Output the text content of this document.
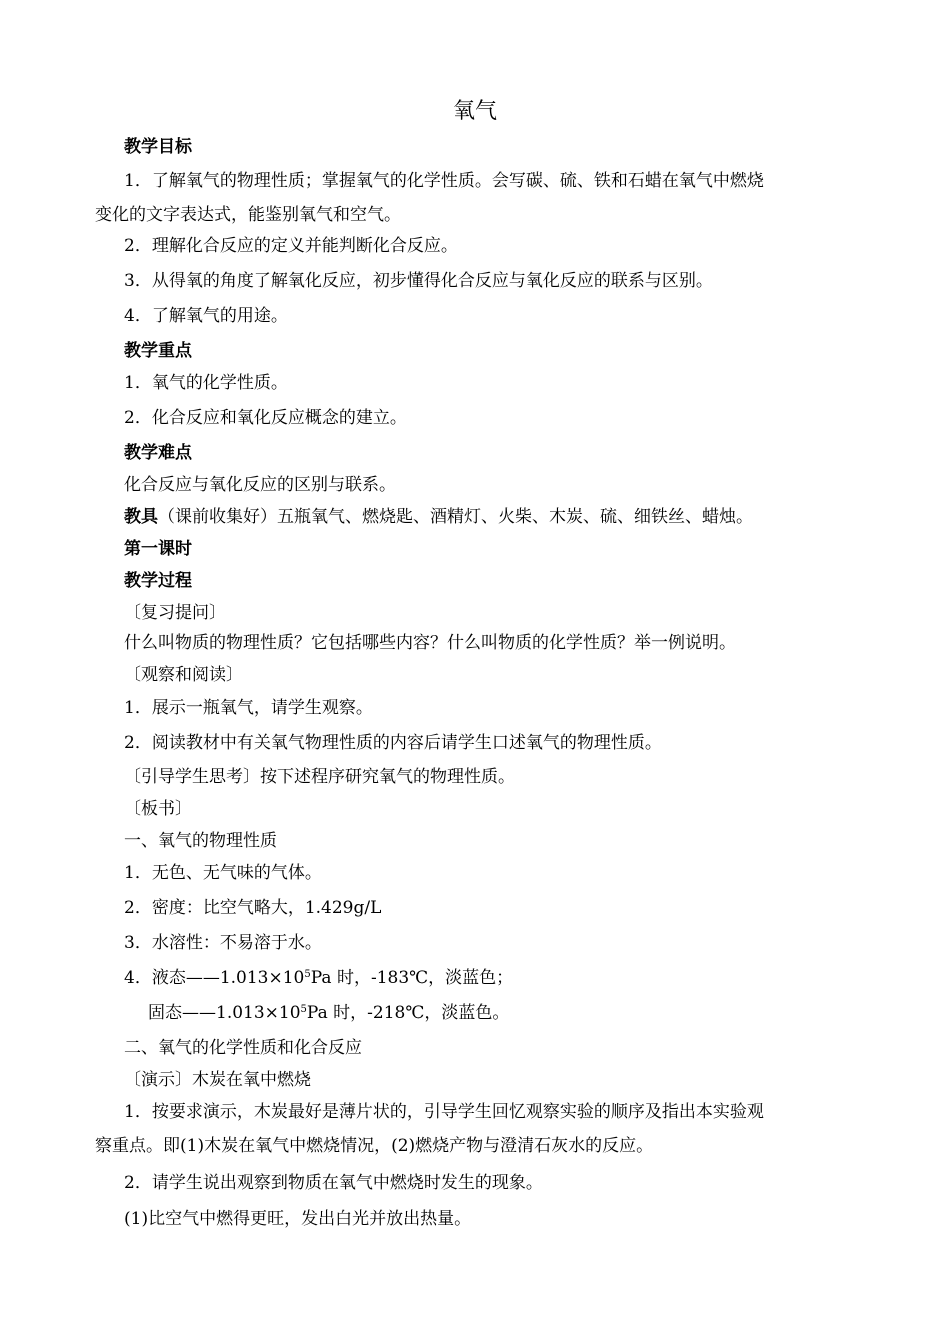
氧气
教学目标
1．了解氧气的物理性质；掌握氧气的化学性质。会写碳、硫、铁和石蜡在氧气中燃烧
变化的文字表达式，能鉴别氧气和空气。
2．理解化合反应的定义并能判断化合反应。
3．从得氧的角度了解氧化反应，初步懂得化合反应与氧化反应的联系与区别。
4．了解氧气的用途。
教学重点
1．氧气的化学性质。
2．化合反应和氧化反应概念的建立。
教学难点
化合反应与氧化反应的区别与联系。
教具（课前收集好）五瓶氧气、燃烧匙、酒精灯、火柴、木炭、硫、细铁丝、蜡烛。
第一课时
教学过程
〔复习提问〕
什么叫物质的物理性质？它包括哪些内容？什么叫物质的化学性质？举一例说明。
〔观察和阅读〕
1．展示一瓶氧气，请学生观察。
2．阅读教材中有关氧气物理性质的内容后请学生口述氧气的物理性质。
〔引导学生思考〕按下述程序研究氧气的物理性质。
〔板书〕
一、氧气的物理性质
1．无色、无气味的气体。
2．密度：比空气略大，1.429g/L
3．水溶性：不易溶于水。
4．液态$——1.013\times 10^5Pa$ 时，-183℃，淡蓝色；
固态$——1.013\times 10^5Pa$ 时，-218℃，淡蓝色。
二、氧气的化学性质和化合反应
〔演示〕木炭在氧中燃烧
1．按要求演示，木炭最好是薄片状的，引导学生回忆观察实验的顺序及指出本实验观
察重点。即(1)木炭在氧气中燃烧情况，(2)燃烧产物与澄清石灰水的反应。
2．请学生说出观察到物质在氧气中燃烧时发生的现象。
(1)比空气中燃得更旺，发出白光并放出热量。
